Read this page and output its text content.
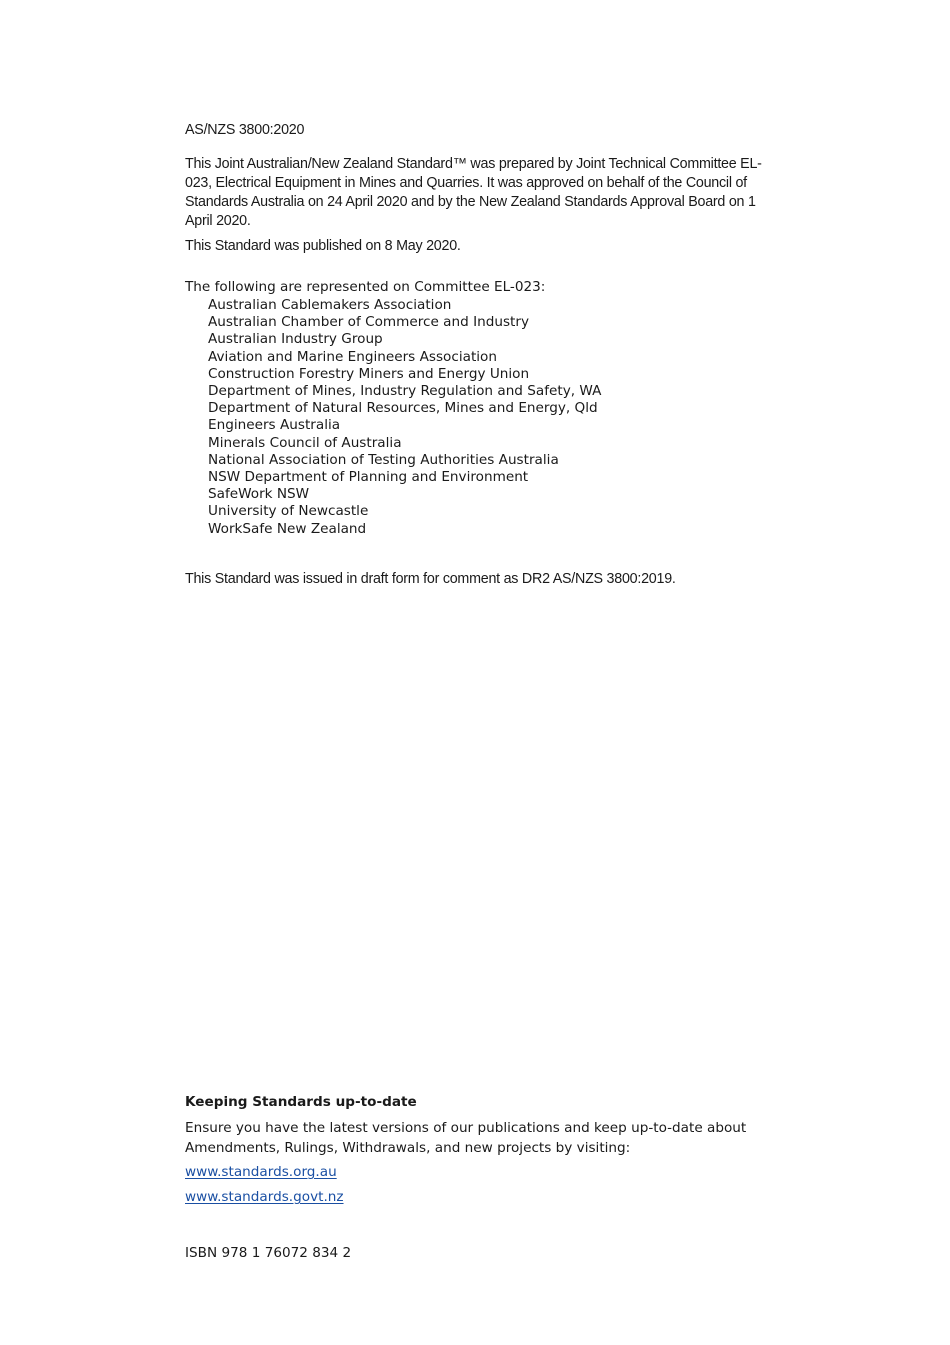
AS/NZS 3800:2020

This Joint Australian/New Zealand Standard™ was prepared by Joint Technical Committee EL-023, Electrical Equipment in Mines and Quarries. It was approved on behalf of the Council of Standards Australia on 24 April 2020 and by the New Zealand Standards Approval Board on 1 April 2020.

This Standard was published on 8 May 2020.

The following are represented on Committee EL-023:

Australian Cablemakers Association
Australian Chamber of Commerce and Industry
Australian Industry Group
Aviation and Marine Engineers Association
Construction Forestry Miners and Energy Union
Department of Mines, Industry Regulation and Safety, WA
Department of Natural Resources, Mines and Energy, Qld
Engineers Australia
Minerals Council of Australia
National Association of Testing Authorities Australia
NSW Department of Planning and Environment
SafeWork NSW
University of Newcastle
WorkSafe New Zealand

This Standard was issued in draft form for comment as DR2 AS/NZS 3800:2019.

Keeping Standards up-to-date

Ensure you have the latest versions of our publications and keep up-to-date about Amendments, Rulings, Withdrawals, and new projects by visiting:

www.standards.org.au
www.standards.govt.nz

ISBN 978 1 76072 834 2
